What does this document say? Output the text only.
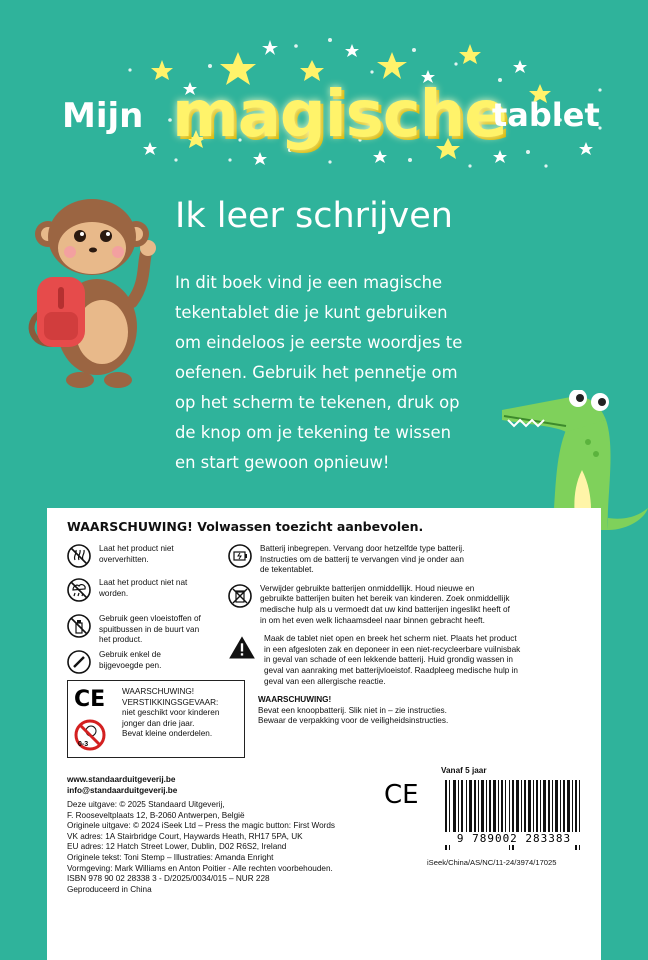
Mijn magische
tablet
Ik leer schrijven

In dit boek vind je een magische

tekentablet die je kunt gebruiken

om eindeloos je eerste woordjes te

oefenen. Gebruik het pennetje om

op het scherm te tekenen, druk op

de knop om je tekening te wissen

en start gewoon opnieuw!

WAARSCHUWING! Volwassen toezicht aanbevolen.
Laat het product niet
oververhitten.
Laat het product niet nat
worden.
Gebruik geen vloeistoffen of
spuitbussen in de buurt van
het product.
Gebruik enkel de
bijgevoegde pen.
Batterij inbegrepen. Vervang door hetzelfde type batterij.
Instructies om de batterij te vervangen vind je onder aan
de tekentablet.
Verwijder gebruikte batterijen onmiddellijk. Houd nieuwe en
gebruikte batterijen buiten het bereik van kinderen. Zoek onmiddellijk
medische hulp als u vermoedt dat uw kind batterijen ingeslikt heeft of
in om het even welk lichaamsdeel naar binnen gebracht heeft.
Maak de tablet niet open en breek het scherm niet. Plaats het product
in een afgesloten zak en deponeer in een niet-recycleerbare vuilnisbak
in geval van schade of een lekkende batterij. Huid grondig wassen in
geval van aanraking met batterijvloeistof. Raadpleeg medische hulp in
geval van een allergische reactie.
CE
0-3
WAARSCHUWING!
VERSTIKKINGSGEVAAR:
niet geschikt voor kinderen
jonger dan drie jaar.
Bevat kleine onderdelen.
WAARSCHUWING!
Bevat een knoopbatterij. Slik niet in – zie instructies.
Bewaar de verpakking voor de veiligheidsinstructies.
www.standaarduitgeverij.be
info@standaarduitgeverij.be
Deze uitgave: © 2025 Standaard Uitgeverij,
F. Rooseveltplaats 12, B-2060 Antwerpen, België
Originele uitgave: © 2024 iSeek Ltd – Press the magic button: First Words
VK adres: 1A Stairbridge Court, Haywards Heath, RH17 5PA, UK
EU adres: 12 Hatch Street Lower, Dublin, D02 R6S2, Ireland
Originele tekst: Toni Stemp – Illustraties: Amanda Enright
Vormgeving: Mark Williams en Anton Poitier - Alle rechten voorbehouden.
ISBN 978 90 02 28338 3 - D/2025/0034/015 – NUR 228
Geproduceerd in China
Vanaf 5 jaar
CE
9 789002 283383
iSeek/China/AS/NC/11-24/3974/17025
